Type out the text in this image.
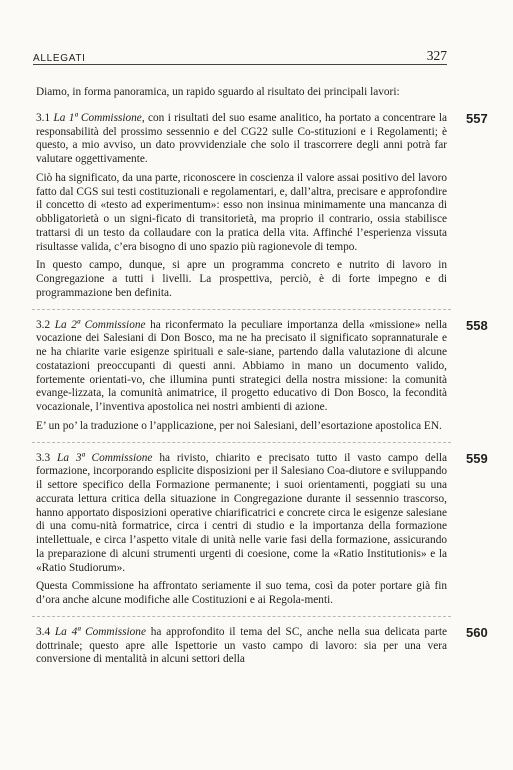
ALLEGATI	327

Diamo, in forma panoramica, un rapido sguardo al risultato dei principali lavori:

557

3.1 La 1ª Commissione, con i risultati del suo esame analitico, ha portato a concentrare la responsabilità del prossimo sessennio e del CG22 sulle Co-stituzioni e i Regolamenti; è questo, a mio avviso, un dato provvidenziale che solo il trascorrere degli anni potrà far valutare oggettivamente.

Ciò ha significato, da una parte, riconoscere in coscienza il valore assai positivo del lavoro fatto dal CGS sui testi costituzionali e regolamentari, e, dall’altra, precisare e approfondire il concetto di «testo ad experimentum»: esso non insinua minimamente una mancanza di obbligatorietà o un signi-ficato di transitorietà, ma proprio il contrario, ossia stabilisce trattarsi di un testo da collaudare con la pratica della vita. Affinché l’esperienza vissuta risultasse valida, c’era bisogno di uno spazio più ragionevole di tempo.

In questo campo, dunque, si apre un programma concreto e nutrito di lavoro in Congregazione a tutti i livelli. La prospettiva, perciò, è di forte impegno e di programmazione ben definita.

558

3.2 La 2ª Commissione ha riconfermato la peculiare importanza della «missione» nella vocazione dei Salesiani di Don Bosco, ma ne ha precisato il significato soprannaturale e ne ha chiarite varie esigenze spirituali e sale-siane, partendo dalla valutazione di alcune costatazioni preoccupanti di questi anni. Abbiamo in mano un documento valido, fortemente orientati-vo, che illumina punti strategici della nostra missione: la comunità evange-lizzata, la comunità animatrice, il progetto educativo di Don Bosco, la fecondità vocazionale, l’inventiva apostolica nei nostri ambienti di azione.

E’ un po’ la traduzione o l’applicazione, per noi Salesiani, dell’esortazione apostolica EN.

559

3.3 La 3ª Commissione ha rivisto, chiarito e precisato tutto il vasto campo della formazione, incorporando esplicite disposizioni per il Salesiano Coa-diutore e sviluppando il settore specifico della Formazione permanente; i suoi orientamenti, poggiati su una accurata lettura critica della situazione in Congregazione durante il sessennio trascorso, hanno apportato disposizioni operative chiarificatrici e concrete circa le esigenze salesiane di una comu-nità formatrice, circa i centri di studio e la importanza della formazione intellettuale, e circa l’aspetto vitale di unità nelle varie fasi della formazione, assicurando la preparazione di alcuni strumenti urgenti di coesione, come la «Ratio Institutionis» e la «Ratio Studiorum».

Questa Commissione ha affrontato seriamente il suo tema, così da poter portare già fin d’ora anche alcune modifiche alle Costituzioni e ai Regola-menti.

560

3.4 La 4ª Commissione ha approfondito il tema del SC, anche nella sua delicata parte dottrinale; questo apre alle Ispettorie un vasto campo di lavoro: sia per una vera conversione di mentalità in alcuni settori della
